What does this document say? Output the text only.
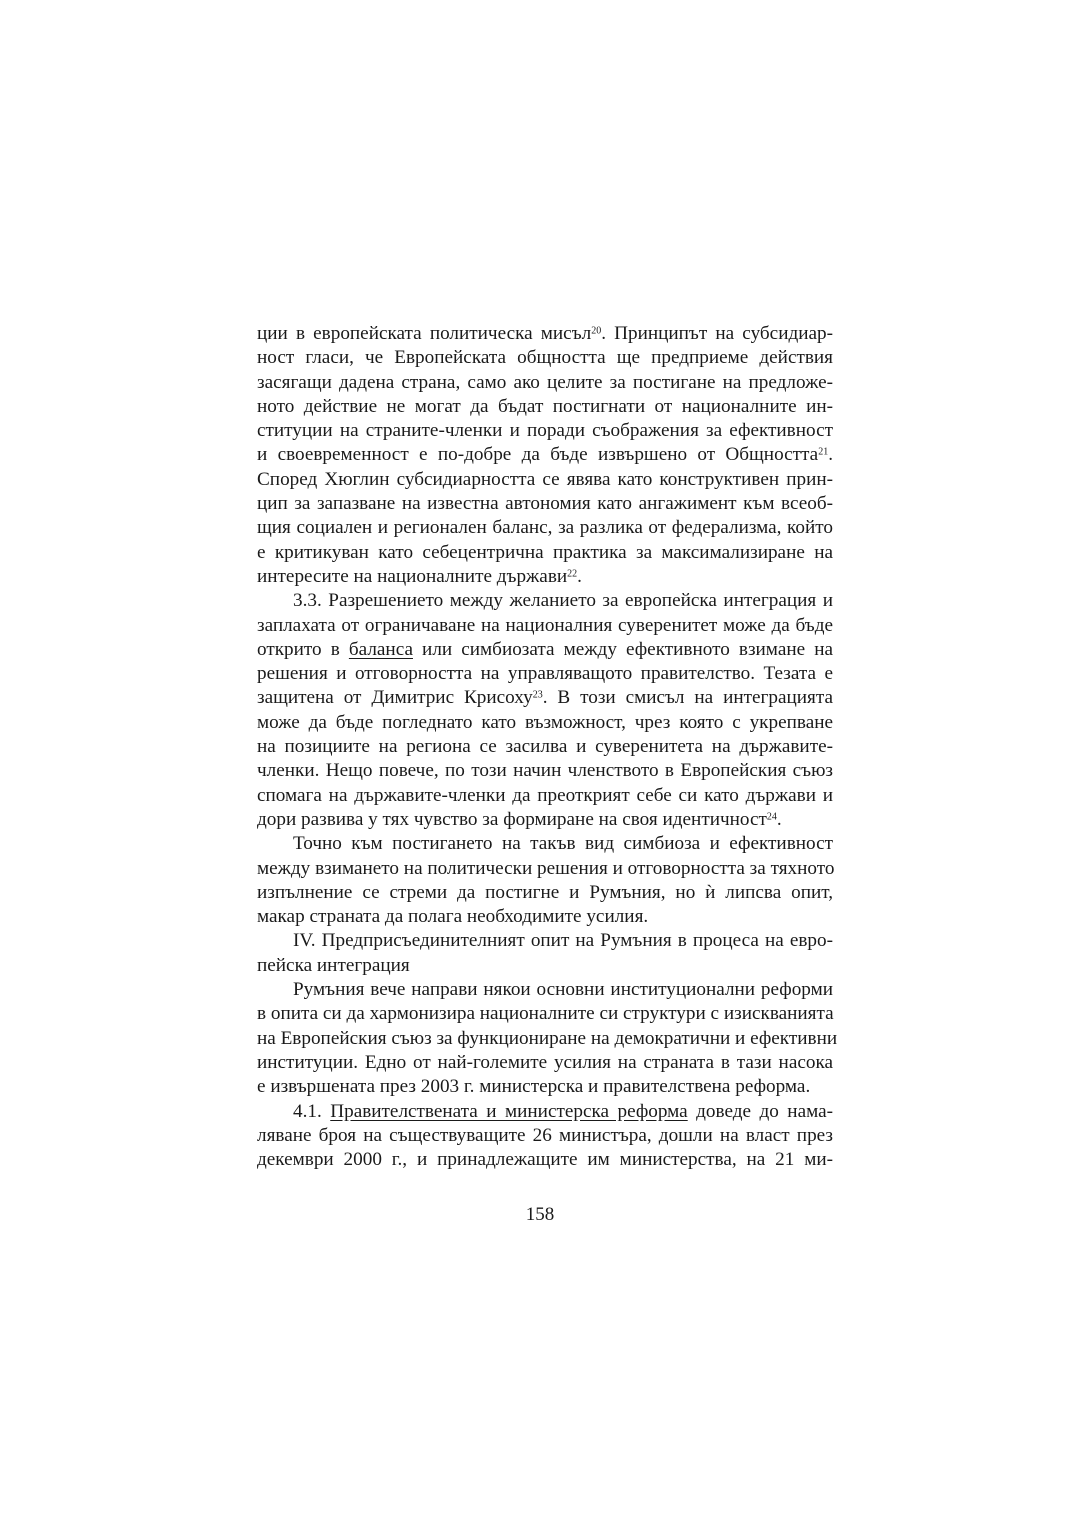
ции в европейската политическа мисъл$^{20}$. Принципът на субсидиар-
ност гласи, че Европейската общността ще предприеме действия
засягащи дадена страна, само ако целите за постигане на предложе-
ното действие не могат да бъдат постигнати от националните ин-
ституции на страните-членки и поради съображения за ефективност
и своевременност е по-добре да бъде извършено от Общността$^{21}$.
Според Хюглин субсидиарността се явява като конструктивен прин-
цип за запазване на известна автономия като ангажимент към всеоб-
щия социален и регионален баланс, за разлика от федерализма, който
е критикуван като себецентрична практика за максимализиране на
интересите на националните държави$^{22}$.
3.3. Разрешението между желанието за европейска интеграция и
заплахата от ограничаване на националния суверенитет може да бъде
открито в баланса или симбиозата между ефективното взимане на
решения и отговорността на управляващото правителство. Тезата е
защитена от Димитрис Крисоху$^{23}$. В този смисъл на интеграцията
може да бъде погледнато като възможност, чрез която с укрепване
на позициите на региона се засилва и суверенитета на държавите-
членки. Нещо повече, по този начин членството в Европейския съюз
спомага на държавите-членки да преоткрият себе си като държави и
дори развива у тях чувство за формиране на своя идентичност$^{24}$.
Точно към постигането на такъв вид симбиоза и ефективност
между взимането на политически решения и отговорността за тяхното
изпълнение се стреми да постигне и Румъния, но ѝ липсва опит,
макар страната да полага необходимите усилия.
IV. Предприсъединителният опит на Румъния в процеса на евро-
пейска интеграция
Румъния вече направи някои основни институционални реформи
в опита си да хармонизира националните си структури с изискванията
на Европейския съюз за функциониране на демократични и ефективни
институции. Едно от най-големите усилия на страната в тази насока
е извършената през 2003 г. министерска и правителствена реформа.
4.1. Правителствената и министерска реформа доведе до нама-
ляване броя на съществуващите 26 министъра, дошли на власт през
декември 2000 г., и принадлежащите им министерства, на 21 ми-
158
